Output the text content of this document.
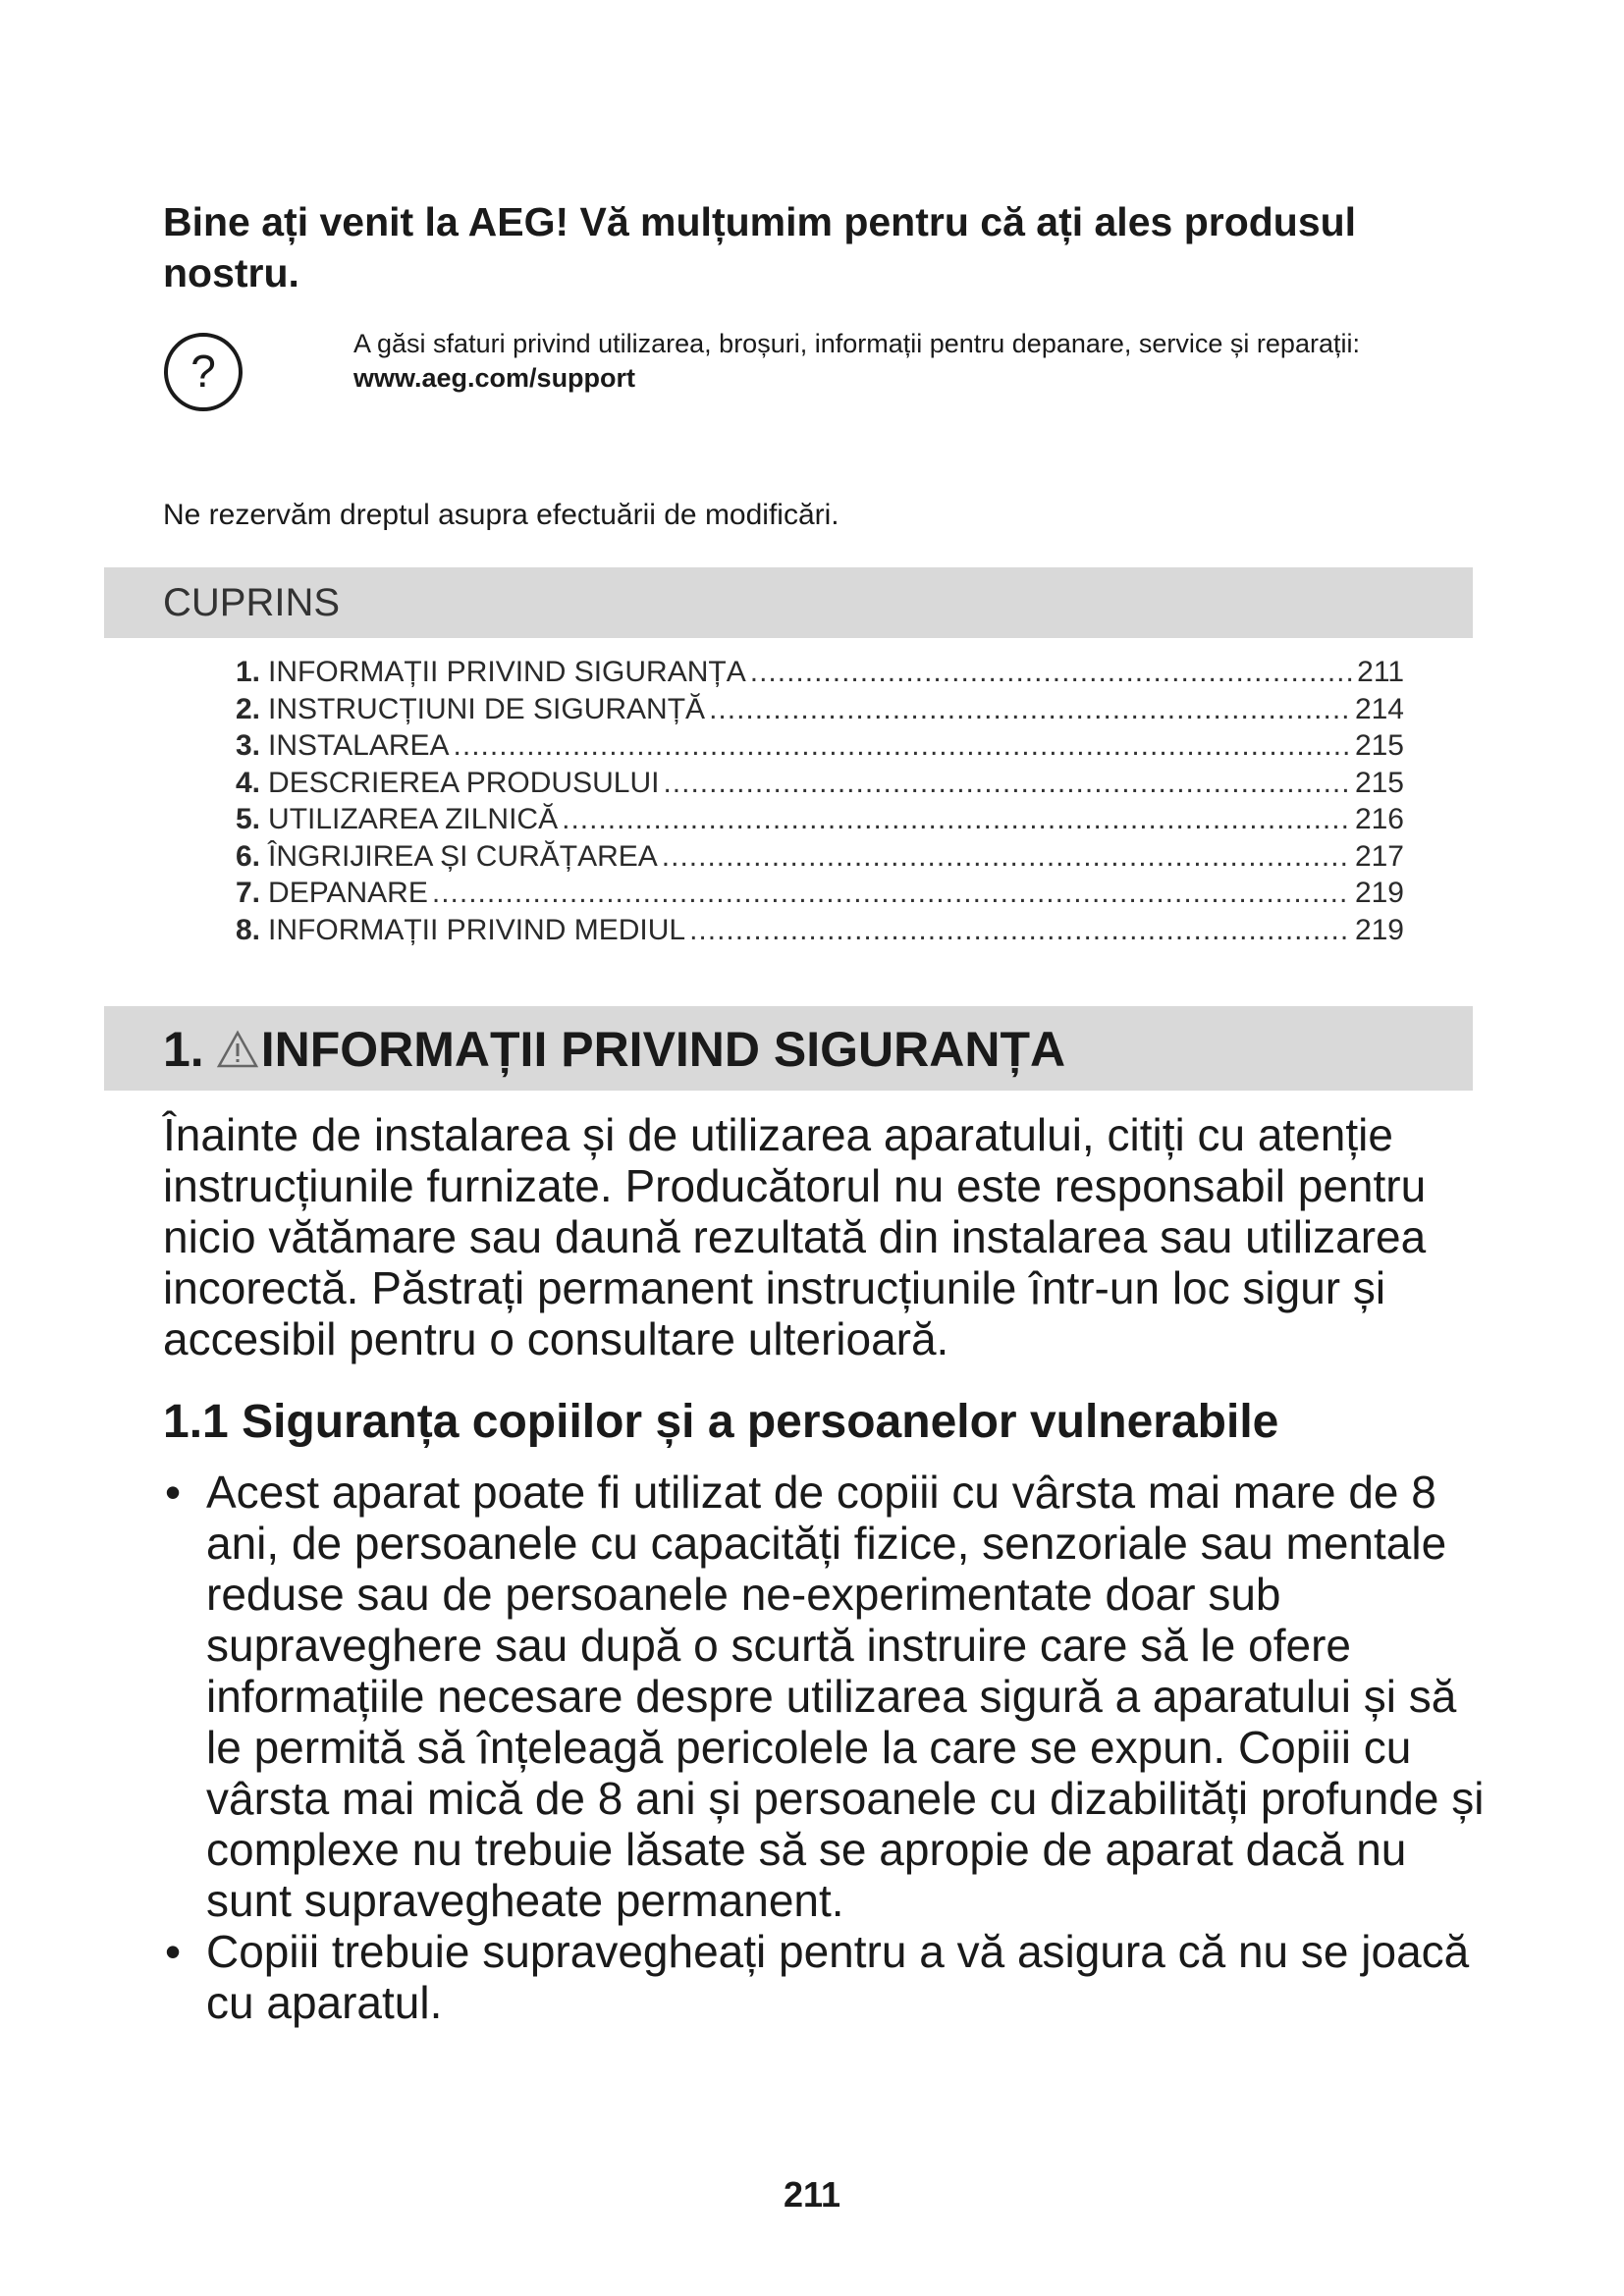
Bine ați venit la AEG! Vă mulțumim pentru că ați ales produsul nostru.
?
A găsi sfaturi privind utilizarea, broșuri, informații pentru depanare, service și reparații:
www.aeg.com/support
Ne rezervăm dreptul asupra efectuării de modificări.
CUPRINS
1. INFORMAȚII PRIVIND SIGURANȚA .....	211
2. INSTRUCȚIUNI DE SIGURANȚĂ .....	214
3. INSTALAREA .....	215
4. DESCRIEREA PRODUSULUI .....	215
5. UTILIZAREA ZILNICĂ .....	216
6. ÎNGRIJIREA ȘI CURĂȚAREA .....	217
7. DEPANARE .....	219
8. INFORMAȚII PRIVIND MEDIUL .....	219
1. INFORMAȚII PRIVIND SIGURANȚA
Înainte de instalarea și de utilizarea aparatului, citiți cu atenție instrucțiunile furnizate. Producătorul nu este responsabil pentru nicio vătămare sau daună rezultată din instalarea sau utilizarea incorectă. Păstrați permanent instrucțiunile într-un loc sigur și accesibil pentru o consultare ulterioară.
1.1 Siguranța copiilor și a persoanelor vulnerabile
• Acest aparat poate fi utilizat de copiii cu vârsta mai mare de 8 ani, de persoanele cu capacități fizice, senzoriale sau mentale reduse sau de persoanele ne-experimentate doar sub supraveghere sau după o scurtă instruire care să le ofere informațiile necesare despre utilizarea sigură a aparatului și să le permită să înțeleagă pericolele la care se expun. Copiii cu vârsta mai mică de 8 ani și persoanele cu dizabilități profunde și complexe nu trebuie lăsate să se apropie de aparat dacă nu sunt supravegheate permanent.
• Copiii trebuie supravegheați pentru a vă asigura că nu se joacă cu aparatul.
211
